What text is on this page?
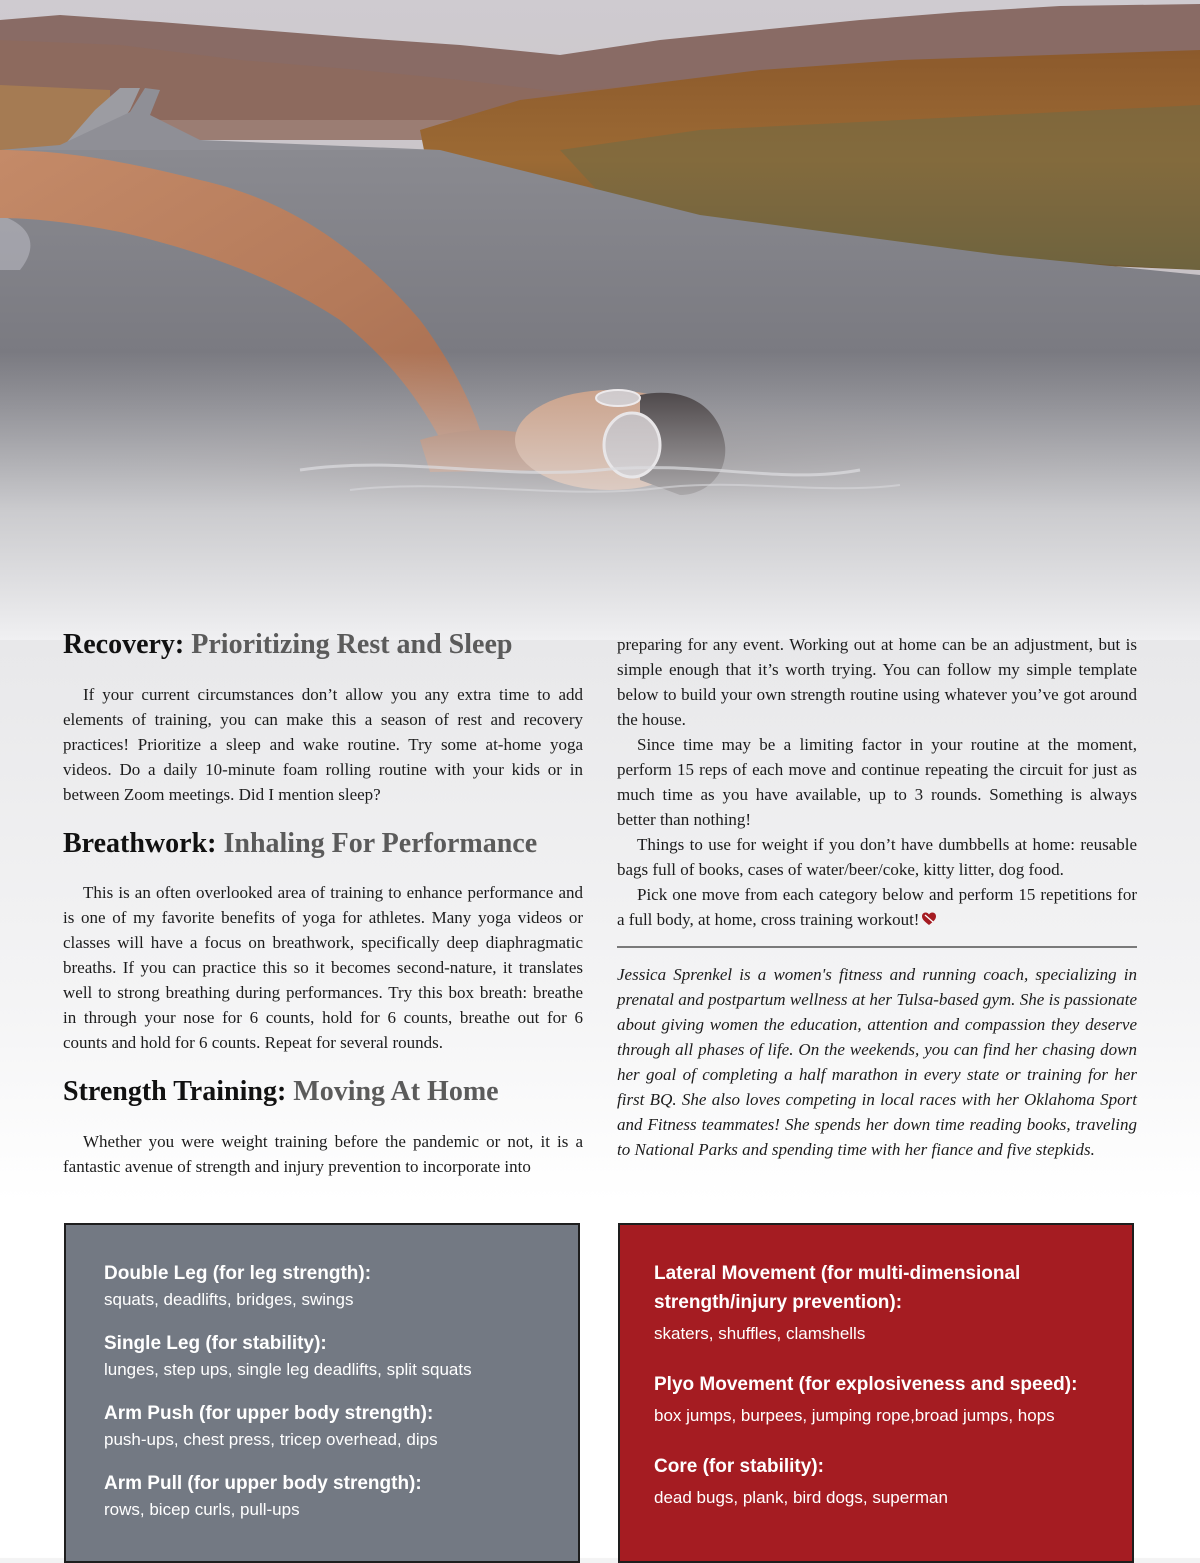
Recovery: Prioritizing Rest and Sleep

If your current circumstances don’t allow you any extra time to add elements of training, you can make this a season of rest and recovery practices! Prioritize a sleep and wake routine. Try some at-home yoga videos. Do a daily 10-minute foam rolling routine with your kids or in between Zoom meetings. Did I mention sleep?

Breathwork: Inhaling For Performance

This is an often overlooked area of training to enhance performance and is one of my favorite benefits of yoga for athletes. Many yoga videos or classes will have a focus on breathwork, specifically deep diaphragmatic breaths. If you can practice this so it becomes second-nature, it translates well to strong breathing during performances. Try this box breath: breathe in through your nose for 6 counts, hold for 6 counts, breathe out for 6 counts and hold for 6 counts. Repeat for several rounds.

Strength Training: Moving At Home

Whether you were weight training before the pandemic or not, it is a fantastic avenue of strength and injury prevention to incorporate into

preparing for any event. Working out at home can be an adjustment, but is simple enough that it’s worth trying. You can follow my simple template below to build your own strength routine using whatever you’ve got around the house.

Since time may be a limiting factor in your routine at the moment, perform 15 reps of each move and continue repeating the circuit for just as much time as you have available, up to 3 rounds. Something is always better than nothing!

Things to use for weight if you don’t have dumbbells at home: reusable bags full of books, cases of water/beer/coke, kitty litter, dog food.

Pick one move from each category below and perform 15 repetitions for a full body, at home, cross training workout!

Jessica Sprenkel is a women's fitness and running coach, specializing in prenatal and postpartum wellness at her Tulsa-based gym. She is passionate about giving women the education, attention and compassion they deserve through all phases of life. On the weekends, you can find her chasing down her goal of completing a half marathon in every state or training for her first BQ. She also loves competing in local races with her Oklahoma Sport and Fitness teammates! She spends her down time reading books, traveling to National Parks and spending time with her fiance and five stepkids.

Double Leg (for leg strength):

squats, deadlifts, bridges, swings

Single Leg (for stability):

lunges, step ups, single leg deadlifts, split squats

Arm Push (for upper body strength):

push-ups, chest press, tricep overhead, dips

Arm Pull (for upper body strength):

rows, bicep curls, pull-ups

Lateral Movement (for multi-dimensional strength/injury prevention):

skaters, shuffles, clamshells

Plyo Movement (for explosiveness and speed):

box jumps, burpees, jumping rope,broad jumps, hops

Core (for stability):

dead bugs, plank, bird dogs, superman
